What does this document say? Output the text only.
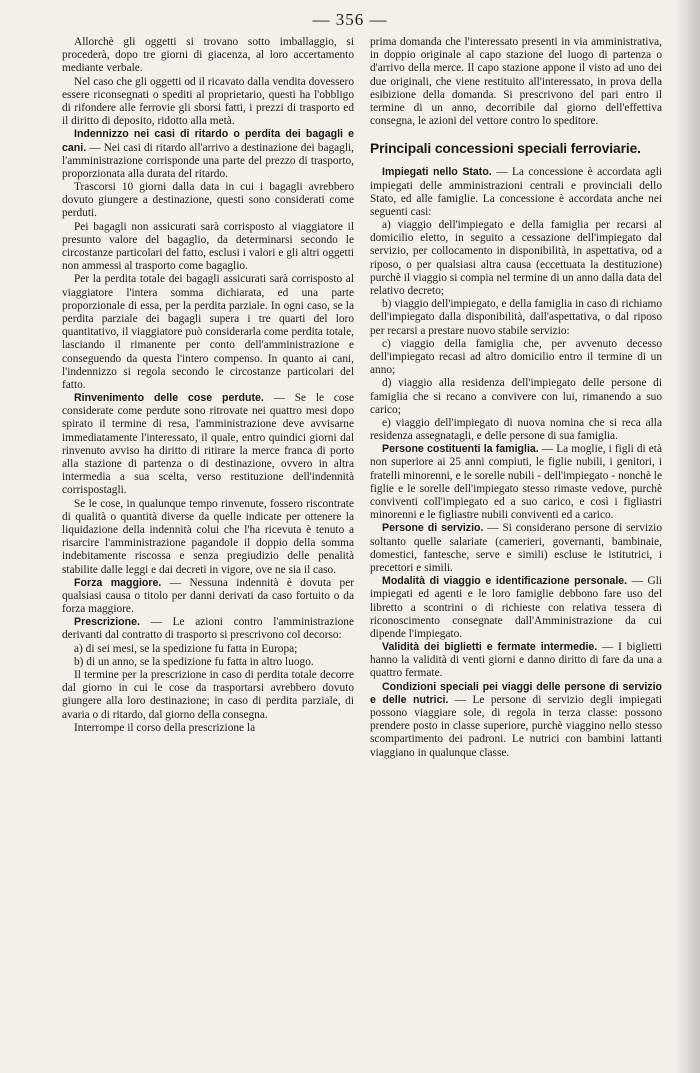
— 356 —

Allorchè gli oggetti si trovano sotto imballaggio, si procederà, dopo tre giorni di giacenza, al loro accertamento mediante verbale.

Nel caso che gli oggetti od il ricavato dalla vendita dovessero essere riconsegnati o spediti al proprietario, questi ha l'obbligo di rifondere alle ferrovie gli sborsi fatti, i prezzi di trasporto ed il diritto di deposito, ridotto alla metà.

Indennizzo nei casi di ritardo o perdita dei bagagli e cani. — Nei casi di ritardo all'arrivo a destinazione dei bagagli, l'amministrazione corrisponde una parte del prezzo di trasporto, proporzionata alla durata del ritardo.

Trascorsi 10 giorni dalla data in cui i bagagli avrebbero dovuto giungere a destinazione, questi sono considerati come perduti.

Pei bagagli non assicurati sarà corrisposto al viaggiatore il presunto valore del bagaglio, da determinarsi secondo le circostanze particolari del fatto, esclusi i valori e gli altri oggetti non ammessi al trasporto come bagaglio.

Per la perdita totale dei bagagli assicurati sarà corrisposto al viaggiatore l'intera somma dichiarata, ed una parte proporzionale di essa, per la perdita parziale. In ogni caso, se la perdita parziale dei bagagli supera i tre quarti del loro quantitativo, il viaggiatore può considerarla come perdita totale, lasciando il rimanente per conto dell'amministrazione e conseguendo da questa l'intero compenso. In quanto ai cani, l'indennizzo si regola secondo le circostanze particolari del fatto.

Rinvenimento delle cose perdute. — Se le cose considerate come perdute sono ritrovate nei quattro mesi dopo spirato il termine di resa, l'amministrazione deve avvisarne immediatamente l'interessato, il quale, entro quindici giorni dal rinvenuto avviso ha diritto di ritirare la merce franca di porto alla stazione di partenza o di destinazione, ovvero in altra intermedia a sua scelta, verso restituzione dell'indennità corrispostagli.

Se le cose, in qualunque tempo rinvenute, fossero riscontrate di qualità o quantità diverse da quelle indicate per ottenere la liquidazione della indennità colui che l'ha ricevuta è tenuto a risarcire l'amministrazione pagandole il doppio della somma indebitamente riscossa e senza pregiudizio delle penalità stabilite dalle leggi e dai decreti in vigore, ove ne sia il caso.

Forza maggiore. — Nessuna indennità è dovuta per qualsiasi causa o titolo per danni derivati da caso fortuito o da forza maggiore.

Prescrizione. — Le azioni contro l'amministrazione derivanti dal contratto di trasporto si prescrivono col decorso:

a) di sei mesi, se la spedizione fu fatta in Europa;

b) di un anno, se la spedizione fu fatta in altro luogo.

Il termine per la prescrizione in caso di perdita totale decorre dal giorno in cui le cose da trasportarsi avrebbero dovuto giungere alla loro destinazione; in caso di perdita parziale, di avaria o di ritardo, dal giorno della consegna.

Interrompe il corso della prescrizione la

prima domanda che l'interessato presenti in via amministrativa, in doppio originale al capo stazione del luogo di partenza o d'arrivo della merce. Il capo stazione appone il visto ad uno dei due originali, che viene restituito all'interessato, in prova della esibizione della domanda. Si prescrivono del pari entro il termine di un anno, decorribile dal giorno dell'effettiva consegna, le azioni del vettore contro lo speditore.

Principali concessioni speciali ferroviarie.

Impiegati nello Stato. — La concessione è accordata agli impiegati delle amministrazioni centrali e provinciali dello Stato, ed alle famiglie. La concessione è accordata anche nei seguenti casi:

a) viaggio dell'impiegato e della famiglia per recarsi al domicilio eletto, in seguito a cessazione dell'impiegato dal servizio, per collocamento in disponibilità, in aspettativa, od a riposo, o per qualsiasi altra causa (eccettuata la destituzione) purchè il viaggio si compia nel termine di un anno dalla data del relativo decreto;

b) viaggio dell'impiegato, e della famiglia in caso di richiamo dell'impiegato dalla disponibilità, dall'aspettativa, o dal riposo per recarsi a prestare nuovo stabile servizio:

c) viaggio della famiglia che, per avvenuto decesso dell'impiegato recasi ad altro domicilio entro il termine di un anno;

d) viaggio alla residenza dell'impiegato delle persone di famiglia che si recano a convivere con lui, rimanendo a suo carico;

e) viaggio dell'impiegato di nuova nomina che si reca alla residenza assegnatagli, e delle persone di sua famiglia.

Persone costituenti la famiglia. — La moglie, i figli di età non superiore ai 25 anni compiuti, le figlie nubili, i genitori, i fratelli minorenni, e le sorelle nubili - dell'impiegato - nonchè le figlie e le sorelle dell'impiegato stesso rimaste vedove, purchè conviventi coll'impiegato ed a suo carico, e così i figliastri minorenni e le figliastre nubili conviventi ed a carico.

Persone di servizio. — Si considerano persone di servizio soltanto quelle salariate (camerieri, governanti, bambinaie, domestici, fantesche, serve e simili) escluse le istitutrici, i precettori e simili.

Modalità di viaggio e identificazione personale. — Gli impiegati ed agenti e le loro famiglie debbono fare uso del libretto a scontrini o di richieste con relativa tessera di riconoscimento consegnate dall'Amministrazione da cui dipende l'impiegato.

Validità dei biglietti e fermate intermedie. — I biglietti hanno la validità di venti giorni e danno diritto di fare da una a quattro fermate.

Condizioni speciali pei viaggi delle persone di servizio e delle nutrici. — Le persone di servizio degli impiegati possono viaggiare sole, di regola in terza classe: possono prendere posto in classe superiore, purchè viaggino nello stesso scompartimento dei padroni. Le nutrici con bambini lattanti viaggiano in qualunque classe.
